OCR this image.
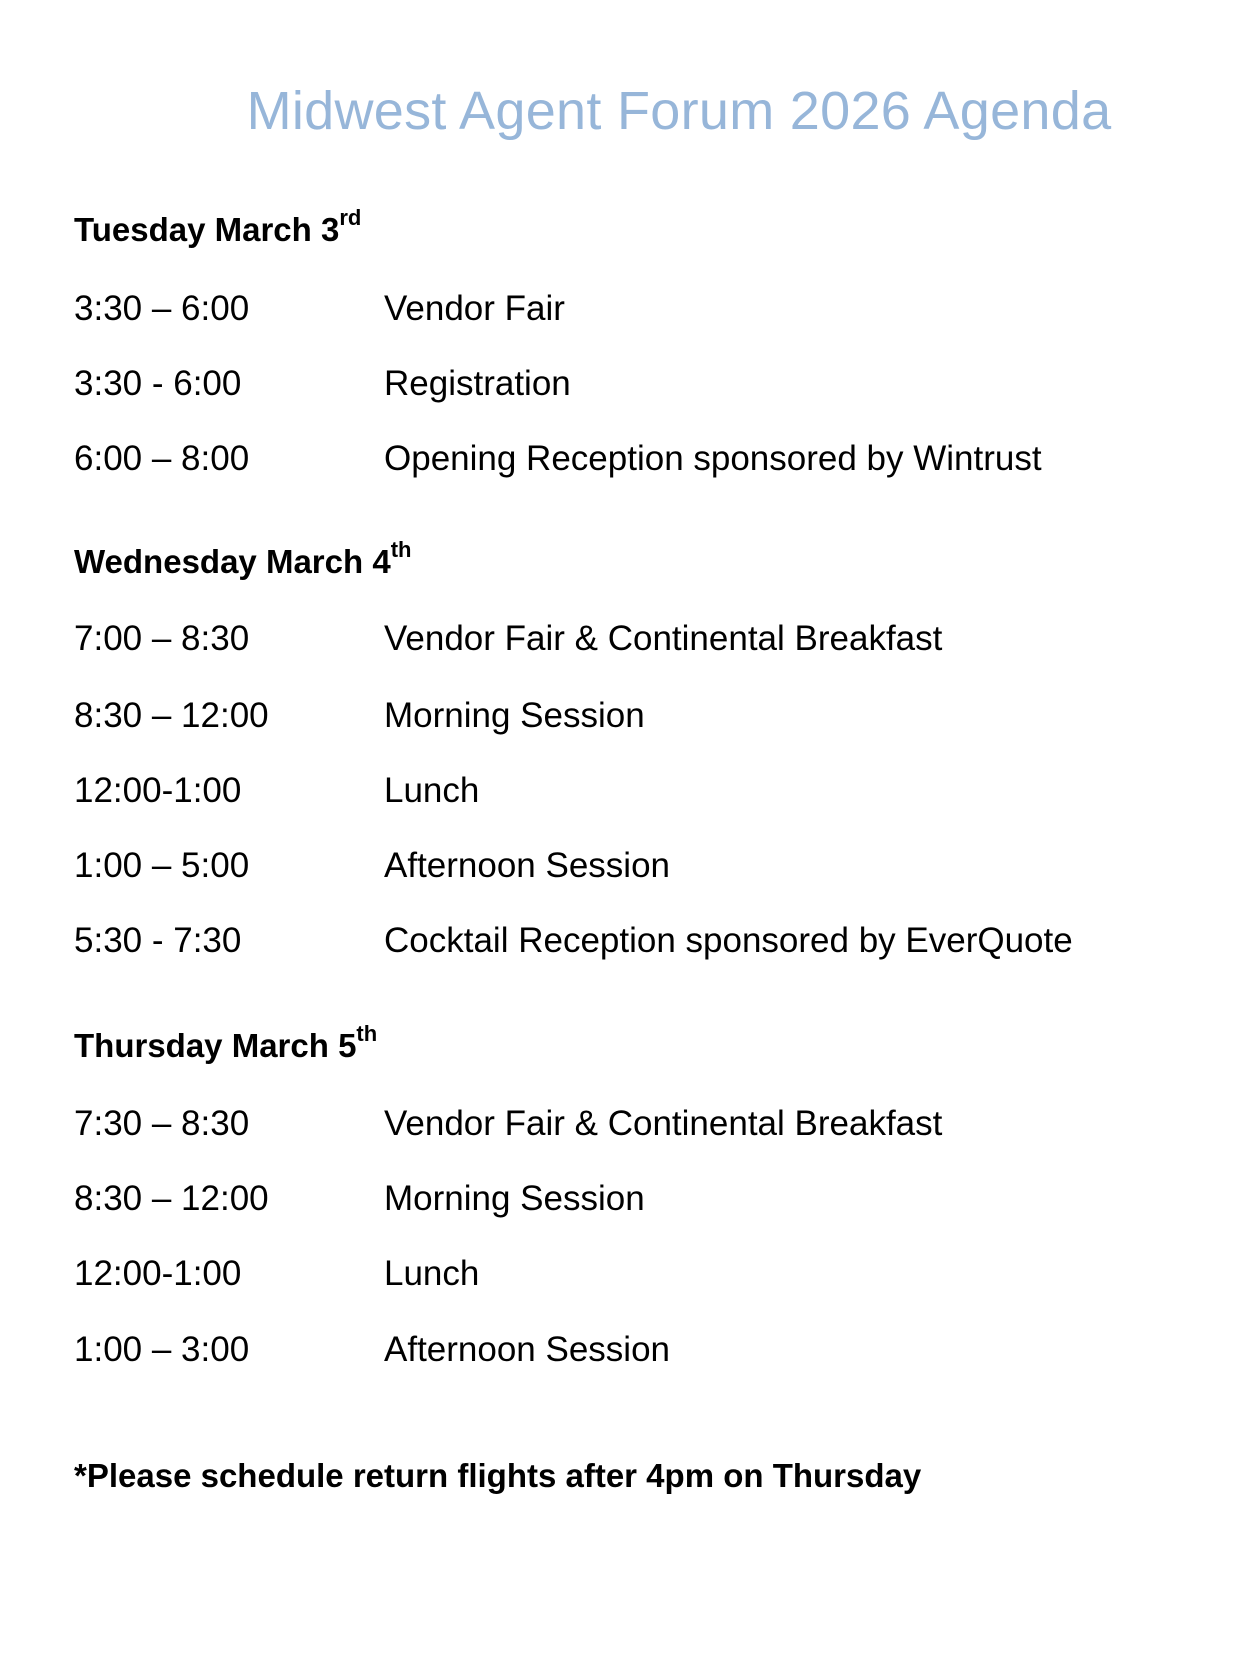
Midwest Agent Forum 2026 Agenda
Tuesday March 3rd
3:30 – 6:00	Vendor Fair
3:30 - 6:00	Registration
6:00 – 8:00	Opening Reception sponsored by Wintrust
Wednesday March 4th
7:00 – 8:30	Vendor Fair & Continental Breakfast
8:30 – 12:00	Morning Session
12:00-1:00	Lunch
1:00 – 5:00	Afternoon Session
5:30 - 7:30	Cocktail Reception sponsored by EverQuote
Thursday March 5th
7:30 – 8:30	Vendor Fair & Continental Breakfast
8:30 – 12:00	Morning Session
12:00-1:00	Lunch
1:00 – 3:00	Afternoon Session
*Please schedule return flights after 4pm on Thursday
